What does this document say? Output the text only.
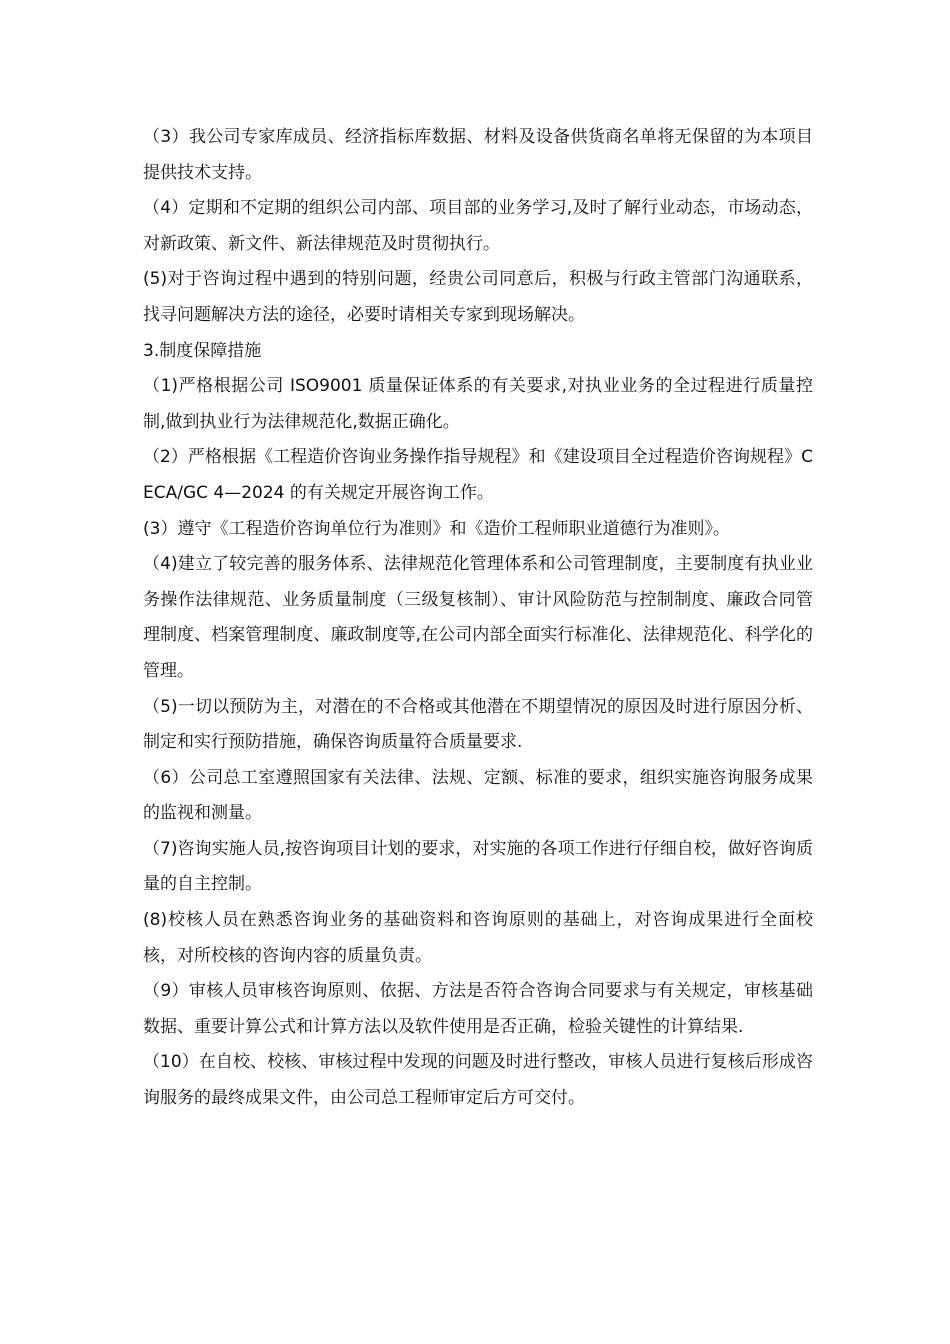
（3）我公司专家库成员、经济指标库数据、材料及设备供货商名单将无保留的为本项目提供技术支持。

（4）定期和不定期的组织公司内部、项目部的业务学习,及时了解行业动态，市场动态，对新政策、新文件、新法律规范及时贯彻执行。

(5)对于咨询过程中遇到的特别问题，经贵公司同意后，积极与行政主管部门沟通联系，找寻问题解决方法的途径，必要时请相关专家到现场解决。

3.制度保障措施

（1)严格根据公司 ISO9001 质量保证体系的有关要求,对执业业务的全过程进行质量控制,做到执业行为法律规范化,数据正确化。

（2）严格根据《工程造价咨询业务操作指导规程》和《建设项目全过程造价咨询规程》CECA/GC 4—2024 的有关规定开展咨询工作。

(3）遵守《工程造价咨询单位行为准则》和《造价工程师职业道德行为准则》。

（4)建立了较完善的服务体系、法律规范化管理体系和公司管理制度，主要制度有执业业务操作法律规范、业务质量制度（三级复核制）、审计风险防范与控制制度、廉政合同管理制度、档案管理制度、廉政制度等,在公司内部全面实行标准化、法律规范化、科学化的管理。

（5)一切以预防为主，对潜在的不合格或其他潜在不期望情况的原因及时进行原因分析、制定和实行预防措施，确保咨询质量符合质量要求.

（6）公司总工室遵照国家有关法律、法规、定额、标准的要求，组织实施咨询服务成果的监视和测量。

（7)咨询实施人员,按咨询项目计划的要求，对实施的各项工作进行仔细自校，做好咨询质量的自主控制。

(8)校核人员在熟悉咨询业务的基础资料和咨询原则的基础上，对咨询成果进行全面校核，对所校核的咨询内容的质量负责。

（9）审核人员审核咨询原则、依据、方法是否符合咨询合同要求与有关规定，审核基础数据、重要计算公式和计算方法以及软件使用是否正确，检验关键性的计算结果.

（10）在自校、校核、审核过程中发现的问题及时进行整改，审核人员进行复核后形成咨询服务的最终成果文件，由公司总工程师审定后方可交付。
